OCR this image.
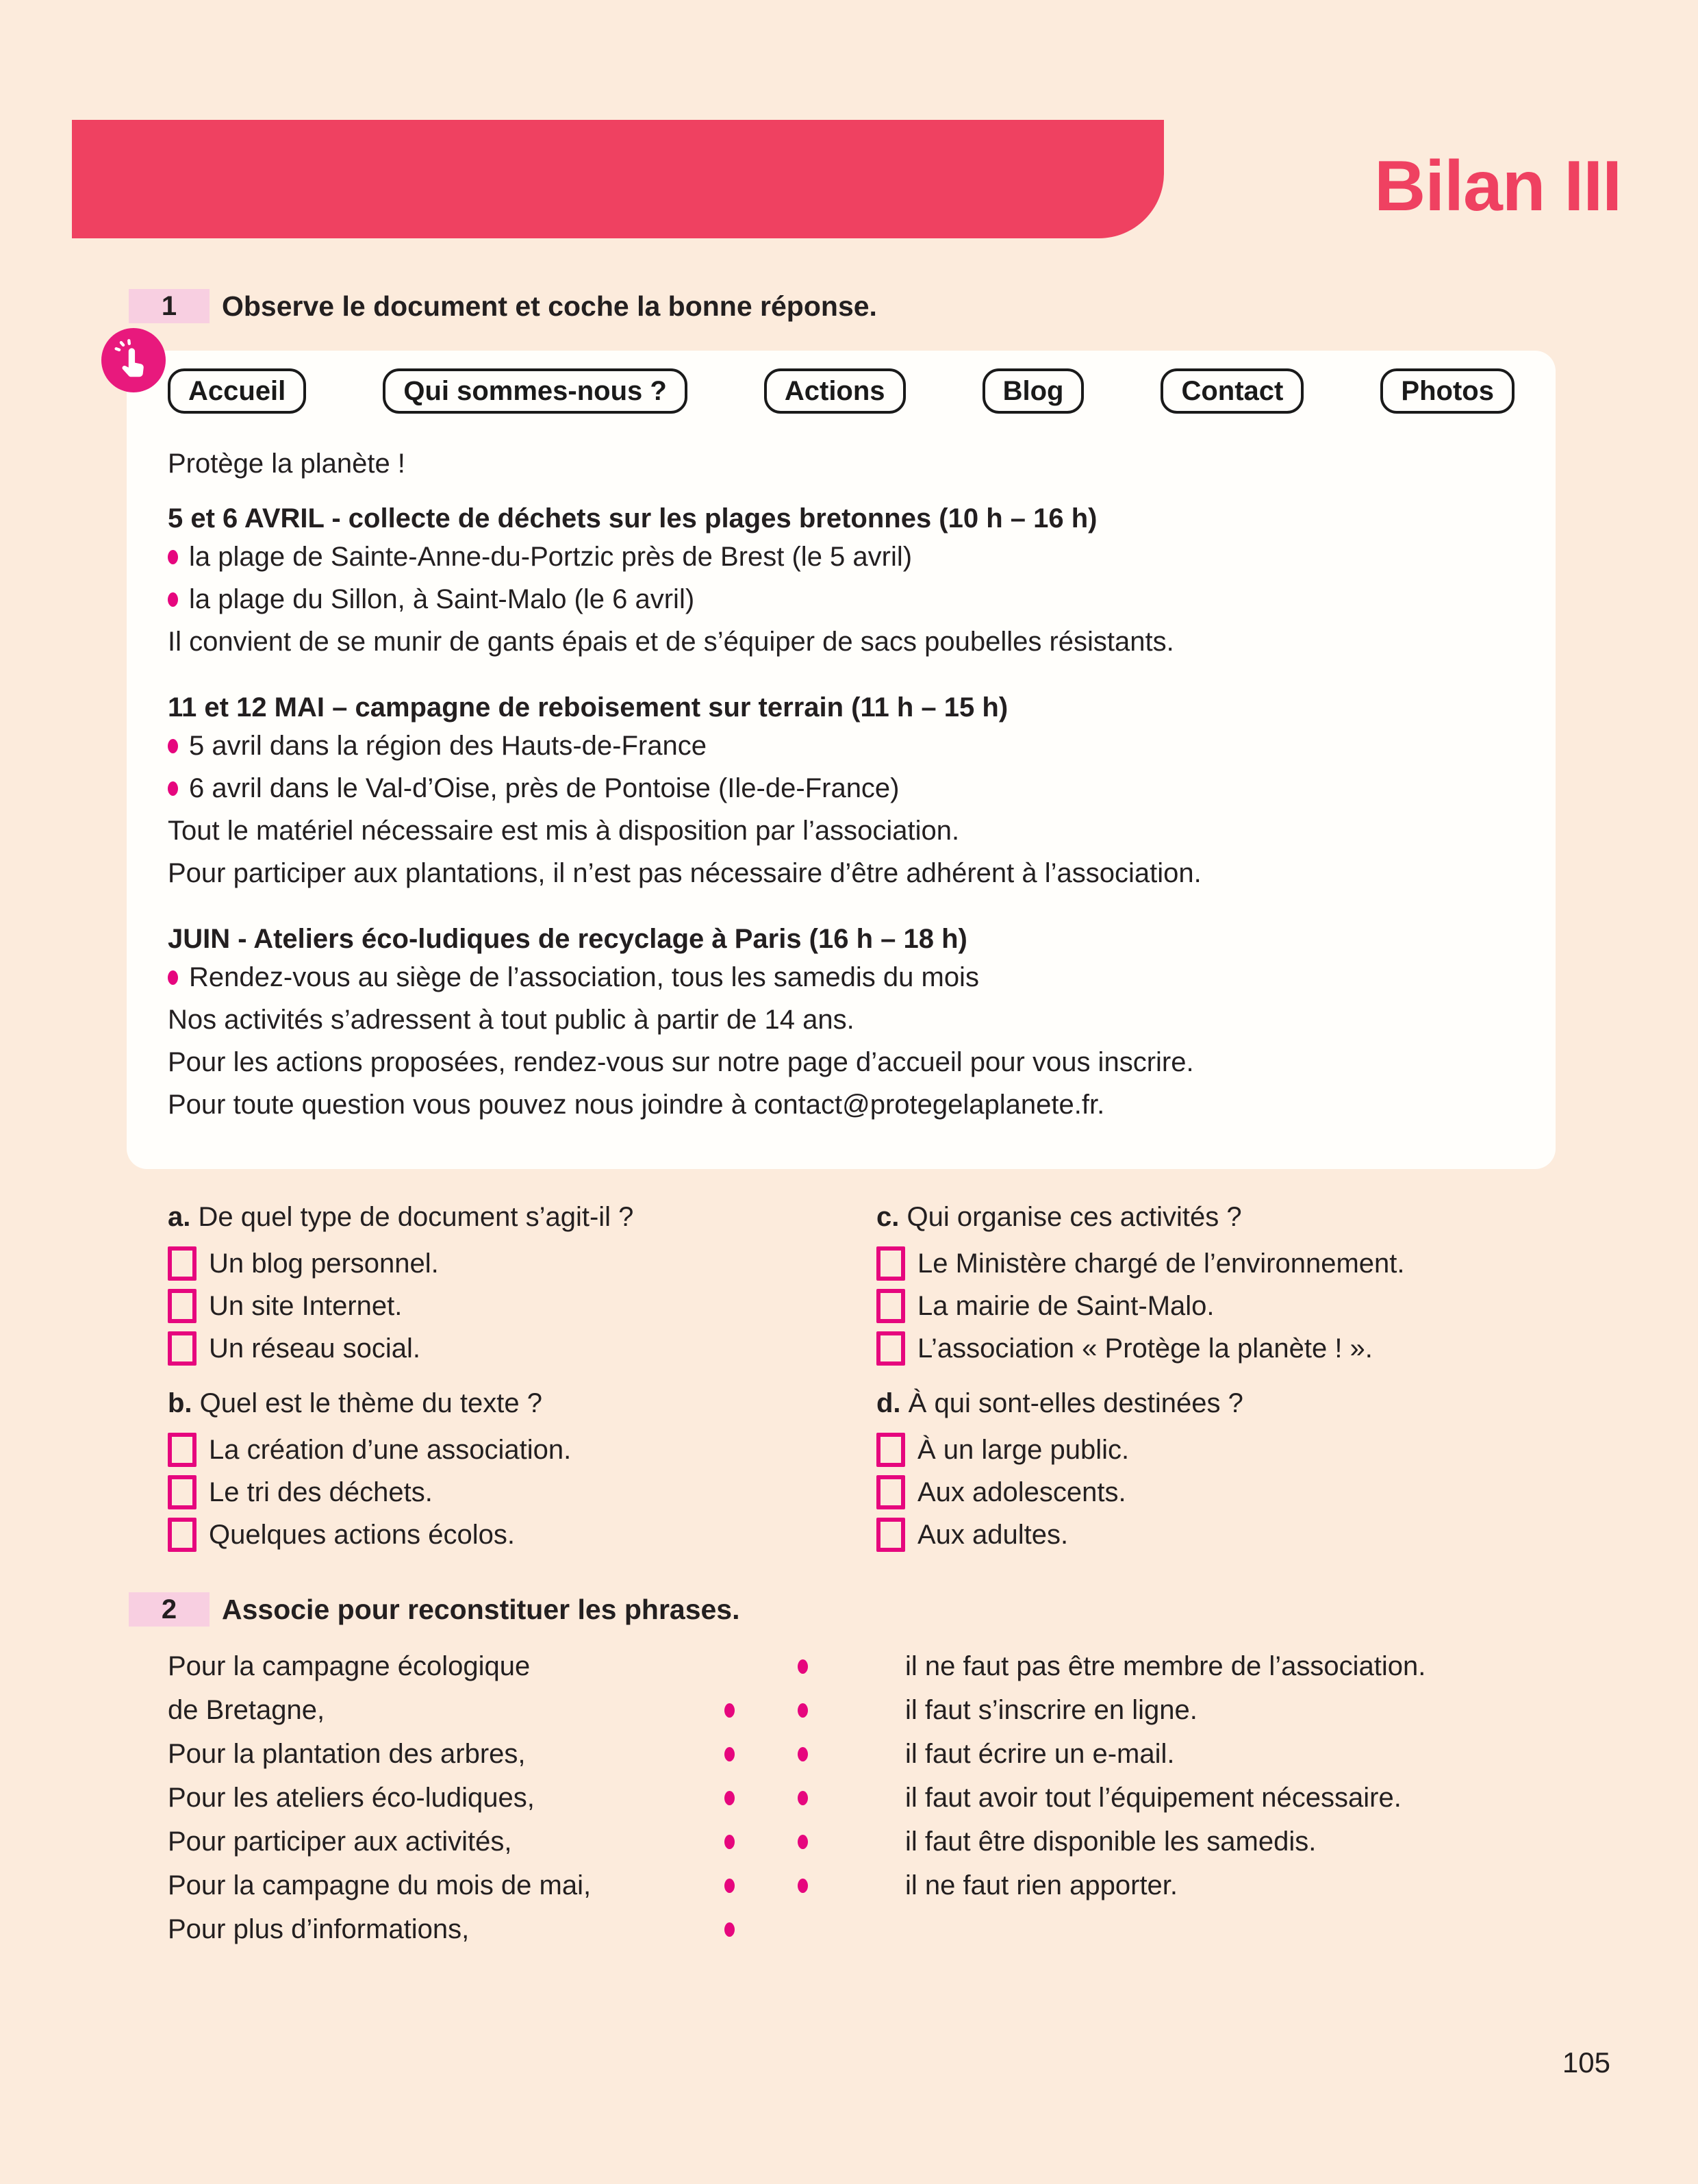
Bilan III
1	Observe le document et coche la bonne réponse.
Accueil	Qui sommes-nous ?	Actions	Blog	Contact	Photos

Protège la planète !

5 et 6 AVRIL - collecte de déchets sur les plages bretonnes (10 h – 16 h)
la plage de Sainte-Anne-du-Portzic près de Brest (le 5 avril)
la plage du Sillon, à Saint-Malo (le 6 avril)

Il convient de se munir de gants épais et de s’équiper de sacs poubelles résistants.

11 et 12 MAI – campagne de reboisement sur terrain (11 h – 15 h)
5 avril dans la région des Hauts-de-France
6 avril dans le Val-d’Oise, près de Pontoise (Ile-de-France)

Tout le matériel nécessaire est mis à disposition par l’association.

Pour participer aux plantations, il n’est pas nécessaire d’être adhérent à l’association.

JUIN - Ateliers éco-ludiques de recyclage à Paris (16 h – 18 h)
Rendez-vous au siège de l’association, tous les samedis du mois

Nos activités s’adressent à tout public à partir de 14 ans.

Pour les actions proposées, rendez-vous sur notre page d’accueil pour vous inscrire.

Pour toute question vous pouvez nous joindre à contact@protegelaplanete.fr.

a. De quel type de document s’agit-il ?

Un blog personnel.
Un site Internet.
Un réseau social.

c. Qui organise ces activités ?

Le Ministère chargé de l’environnement.
La mairie de Saint-Malo.
L’association « Protège la planète ! ».

b. Quel est le thème du texte ?

La création d’une association.
Le tri des déchets.
Quelques actions écolos.

d. À qui sont-elles destinées ?

À un large public.
Aux adolescents.
Aux adultes.
2	Associe pour reconstituer les phrases.
Pour la campagne écologique	il ne faut pas être membre de l’association.
de Bretagne,	il faut s’inscrire en ligne.
Pour la plantation des arbres,	il faut écrire un e-mail.
Pour les ateliers éco-ludiques,	il faut avoir tout l’équipement nécessaire.
Pour participer aux activités,	il faut être disponible les samedis.
Pour la campagne du mois de mai,	il ne faut rien apporter.
Pour plus d’informations,
105
